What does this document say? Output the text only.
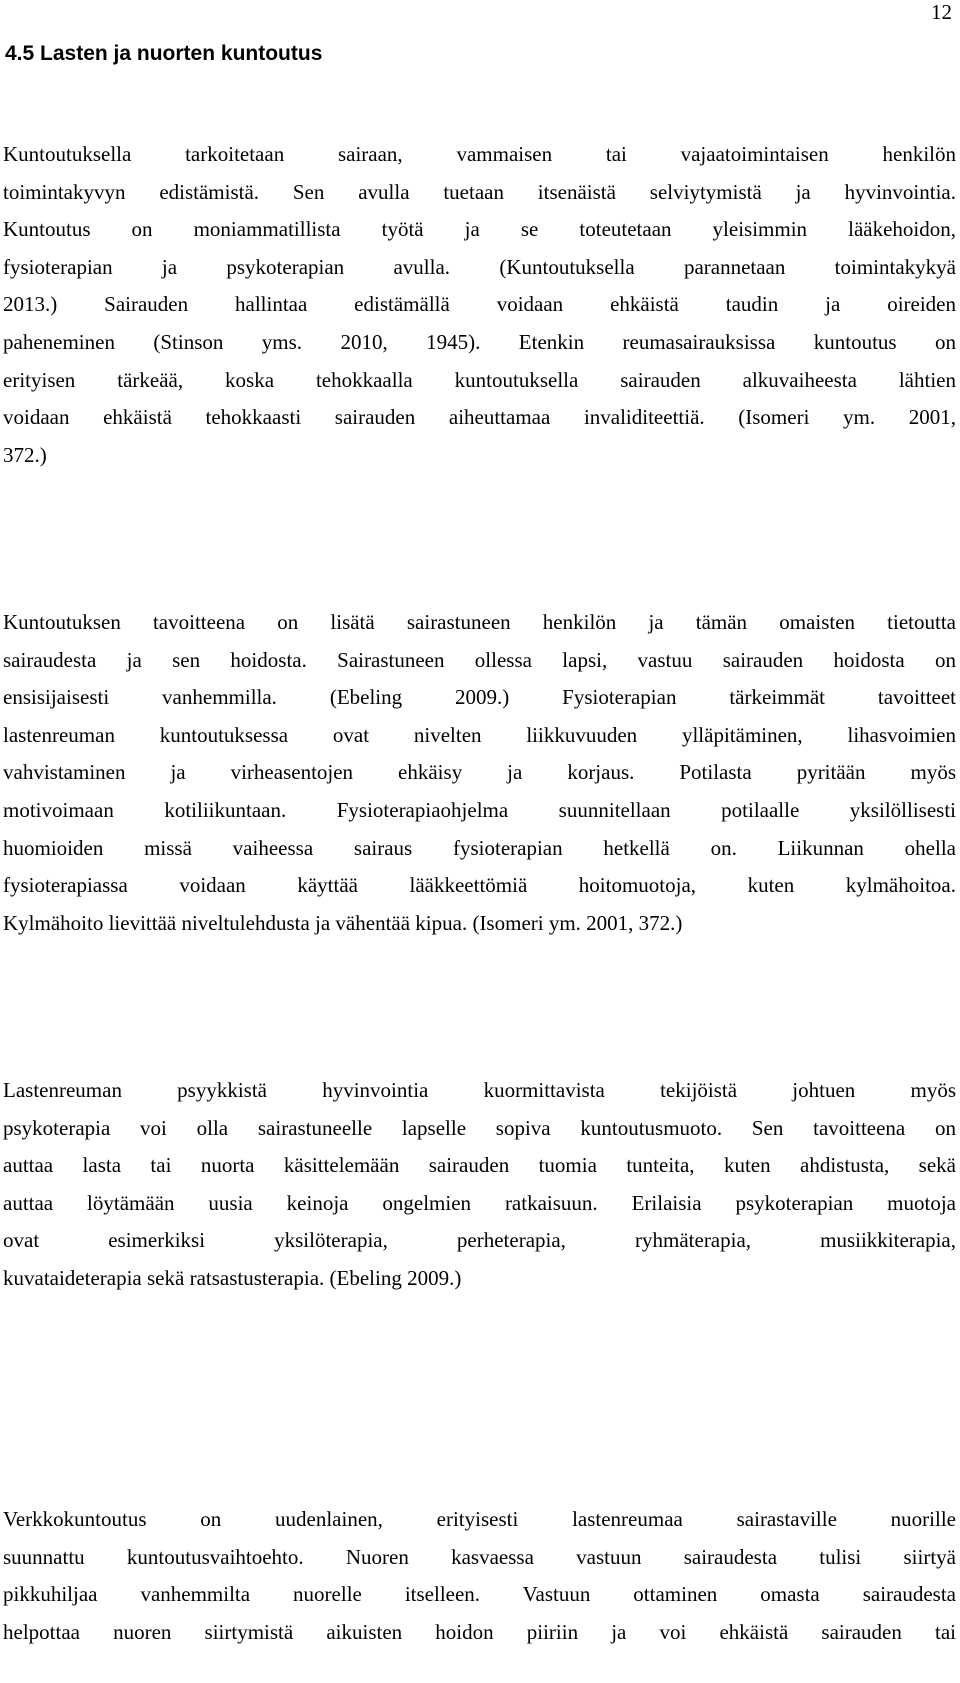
12
4.5 Lasten ja nuorten kuntoutus
Kuntoutuksella tarkoitetaan sairaan, vammaisen tai vajaatoimintaisen henkilön
toimintakyvyn edistämistä. Sen avulla tuetaan itsenäistä selviytymistä ja hyvinvointia.
Kuntoutus on moniammatillista työtä ja se toteutetaan yleisimmin lääkehoidon,
fysioterapian ja psykoterapian avulla. (Kuntoutuksella parannetaan toimintakykyä
2013.) Sairauden hallintaa edistämällä voidaan ehkäistä taudin ja oireiden
paheneminen (Stinson yms. 2010, 1945). Etenkin reumasairauksissa kuntoutus on
erityisen tärkeää, koska tehokkaalla kuntoutuksella sairauden alkuvaiheesta lähtien
voidaan ehkäistä tehokkaasti sairauden aiheuttamaa invaliditeettiä. (Isomeri ym. 2001,
372.)
Kuntoutuksen tavoitteena on lisätä sairastuneen henkilön ja tämän omaisten tietoutta
sairaudesta ja sen hoidosta. Sairastuneen ollessa lapsi, vastuu sairauden hoidosta on
ensisijaisesti vanhemmilla. (Ebeling 2009.) Fysioterapian tärkeimmät tavoitteet
lastenreuman kuntoutuksessa ovat nivelten liikkuvuuden ylläpitäminen, lihasvoimien
vahvistaminen ja virheasentojen ehkäisy ja korjaus. Potilasta pyritään myös
motivoimaan kotiliikuntaan. Fysioterapiaohjelma suunnitellaan potilaalle yksilöllisesti
huomioiden missä vaiheessa sairaus fysioterapian hetkellä on. Liikunnan ohella
fysioterapiassa voidaan käyttää lääkkeettömiä hoitomuotoja, kuten kylmähoitoa.
Kylmähoito lievittää niveltulehdusta ja vähentää kipua. (Isomeri ym. 2001, 372.)
Lastenreuman psyykkistä hyvinvointia kuormittavista tekijöistä johtuen myös
psykoterapia voi olla sairastuneelle lapselle sopiva kuntoutusmuoto. Sen tavoitteena on
auttaa lasta tai nuorta käsittelemään sairauden tuomia tunteita, kuten ahdistusta, sekä
auttaa löytämään uusia keinoja ongelmien ratkaisuun. Erilaisia psykoterapian muotoja
ovat esimerkiksi yksilöterapia, perheterapia, ryhmäterapia, musiikkiterapia,
kuvataideterapia sekä ratsastusterapia. (Ebeling 2009.)
Verkkokuntoutus on uudenlainen, erityisesti lastenreumaa sairastaville nuorille
suunnattu kuntoutusvaihtoehto. Nuoren kasvaessa vastuun sairaudesta tulisi siirtyä
pikkuhiljaa vanhemmilta nuorelle itselleen. Vastuun ottaminen omasta sairaudesta
helpottaa nuoren siirtymistä aikuisten hoidon piiriin ja voi ehkäistä sairauden tai
